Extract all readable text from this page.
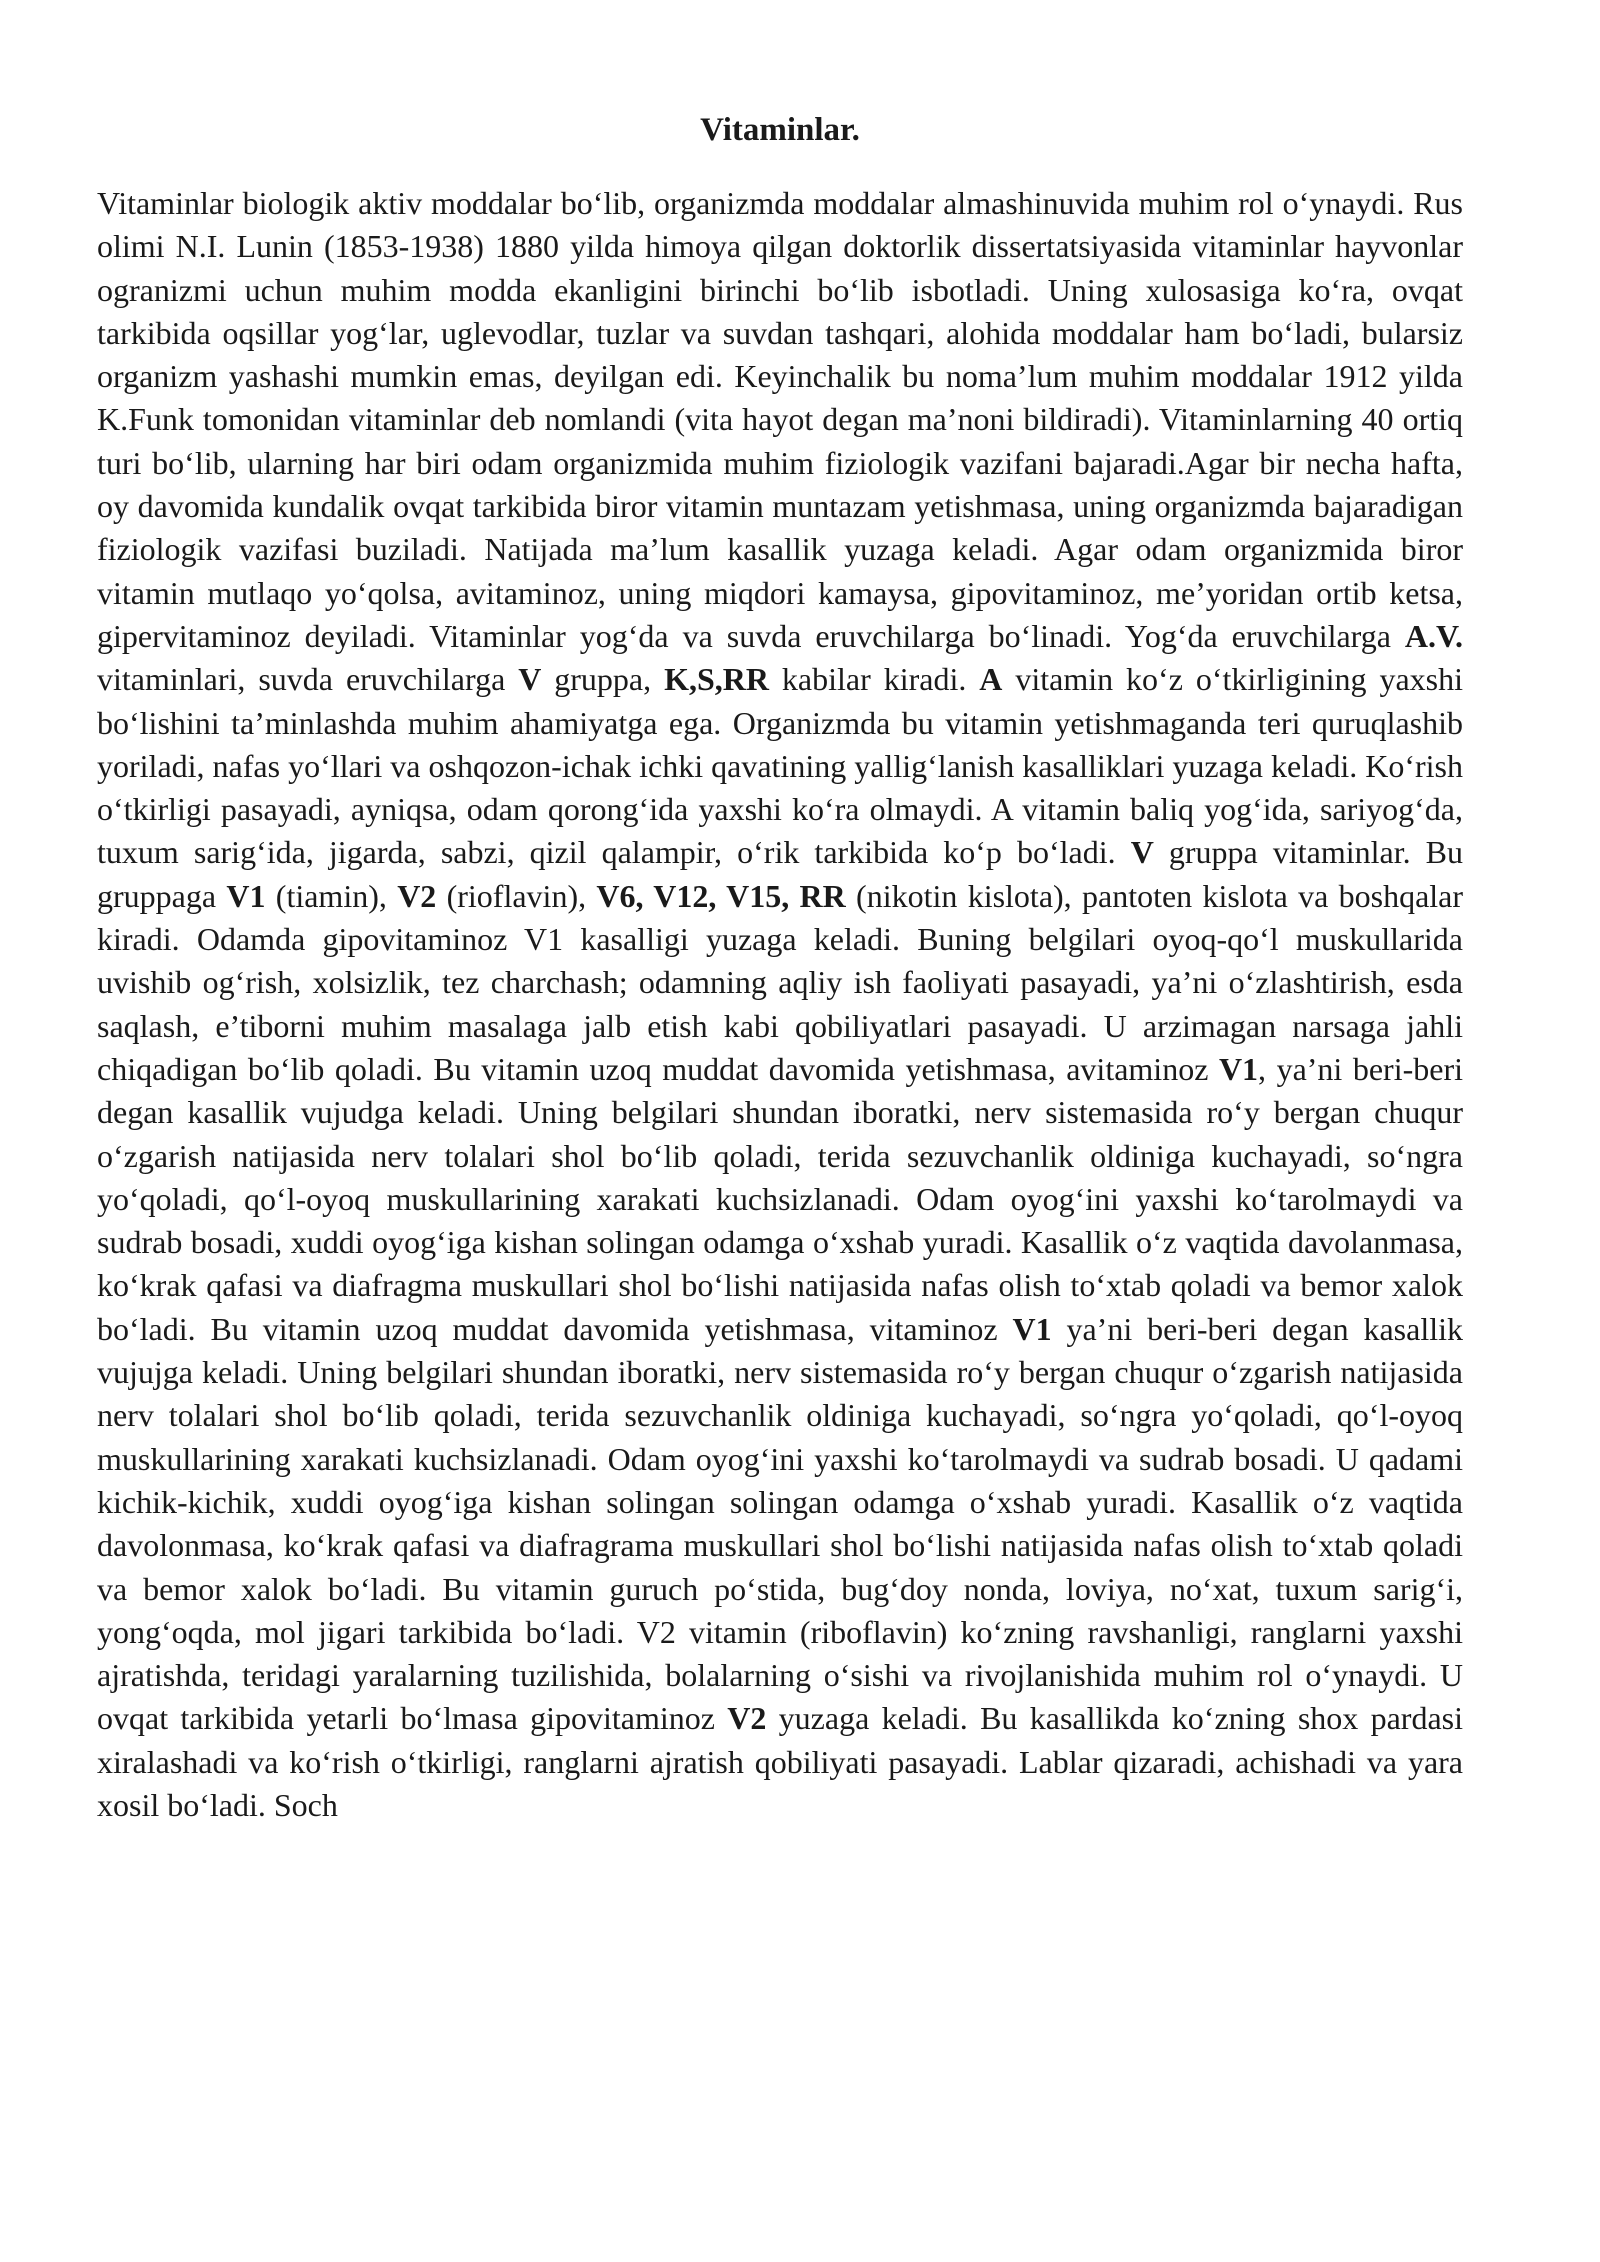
Vitaminlar.

Vitaminlar biologik aktiv moddalar bo‘lib, organizmda moddalar almashinuvida muhim rol o‘ynaydi. Rus olimi N.I. Lunin (1853-1938) 1880 yilda himoya qilgan doktorlik dissertatsiyasida vitaminlar hayvonlar ogranizmi uchun muhim modda ekanligini birinchi bo‘lib isbotladi. Uning xulosasiga ko‘ra, ovqat tarkibida oqsillar yog‘lar, uglevodlar, tuzlar va suvdan tashqari, alohida moddalar ham bo‘ladi, bularsiz organizm yashashi mumkin emas, deyilgan edi. Keyinchalik bu noma’lum muhim moddalar 1912 yilda K.Funk tomonidan vitaminlar deb nomlandi (vita hayot degan ma’noni bildiradi). Vitaminlarning 40 ortiq turi bo‘lib, ularning har biri odam organizmida muhim fiziologik vazifani bajaradi.Agar bir necha hafta, oy davomida kundalik ovqat tarkibida biror vitamin muntazam yetishmasa, uning organizmda bajaradigan fiziologik vazifasi buziladi. Natijada ma’lum kasallik yuzaga keladi. Agar odam organizmida biror vitamin mutlaqo yo‘qolsa, avitaminoz, uning miqdori kamaysa, gipovitaminoz, me’yoridan ortib ketsa, gipervitaminoz deyiladi. Vitaminlar yog‘da va suvda eruvchilarga bo‘linadi. Yog‘da eruvchilarga A.V. vitaminlari, suvda eruvchilarga V gruppa, K,S,RR kabilar kiradi. A vitamin ko‘z o‘tkirligining yaxshi bo‘lishini ta’minlashda muhim ahamiyatga ega. Organizmda bu vitamin yetishmaganda teri quruqlashib yoriladi, nafas yo‘llari va oshqozon-ichak ichki qavatining yallig‘lanish kasalliklari yuzaga keladi. Ko‘rish o‘tkirligi pasayadi, ayniqsa, odam qorong‘ida yaxshi ko‘ra olmaydi. A vitamin baliq yog‘ida, sariyog‘da, tuxum sarig‘ida, jigarda, sabzi, qizil qalampir, o‘rik tarkibida ko‘p bo‘ladi. V gruppa vitaminlar. Bu gruppaga V1 (tiamin), V2 (rioflavin), V6, V12, V15, RR (nikotin kislota), pantoten kislota va boshqalar kiradi. Odamda gipovitaminoz V1 kasalligi yuzaga keladi. Buning belgilari oyoq-qo‘l muskullarida uvishib og‘rish, xolsizlik, tez charchash; odamning aqliy ish faoliyati pasayadi, ya’ni o‘zlashtirish, esda saqlash, e’tiborni muhim masalaga jalb etish kabi qobiliyatlari pasayadi. U arzimagan narsaga jahli chiqadigan bo‘lib qoladi. Bu vitamin uzoq muddat davomida yetishmasa, avitaminoz V1, ya’ni beri-beri degan kasallik vujudga keladi. Uning belgilari shundan iboratki, nerv sistemasida ro‘y bergan chuqur o‘zgarish natijasida nerv tolalari shol bo‘lib qoladi, terida sezuvchanlik oldiniga kuchayadi, so‘ngra yo‘qoladi, qo‘l-oyoq muskullarining xarakati kuchsizlanadi. Odam oyog‘ini yaxshi ko‘tarolmaydi va sudrab bosadi, xuddi oyog‘iga kishan solingan odamga o‘xshab yuradi. Kasallik o‘z vaqtida davolanmasa, ko‘krak qafasi va diafragma muskullari shol bo‘lishi natijasida nafas olish to‘xtab qoladi va bemor xalok bo‘ladi. Bu vitamin uzoq muddat davomida yetishmasa, vitaminoz V1 ya’ni beri-beri degan kasallik vujujga keladi. Uning belgilari shundan iboratki, nerv sistemasida ro‘y bergan chuqur o‘zgarish natijasida nerv tolalari shol bo‘lib qoladi, terida sezuvchanlik oldiniga kuchayadi, so‘ngra yo‘qoladi, qo‘l-oyoq muskullarining xarakati kuchsizlanadi. Odam oyog‘ini yaxshi ko‘tarolmaydi va sudrab bosadi. U qadami kichik-kichik, xuddi oyog‘iga kishan solingan solingan odamga o‘xshab yuradi. Kasallik o‘z vaqtida davolonmasa, ko‘krak qafasi va diafragrama muskullari shol bo‘lishi natijasida nafas olish to‘xtab qoladi va bemor xalok bo‘ladi. Bu vitamin guruch po‘stida, bug‘doy nonda, loviya, no‘xat, tuxum sarig‘i, yong‘oqda, mol jigari tarkibida bo‘ladi. V2 vitamin (riboflavin) ko‘zning ravshanligi, ranglarni yaxshi ajratishda, teridagi yaralarning tuzilishida, bolalarning o‘sishi va rivojlanishida muhim rol o‘ynaydi. U ovqat tarkibida yetarli bo‘lmasa gipovitaminoz V2 yuzaga keladi. Bu kasallikda ko‘zning shox pardasi xiralashadi va ko‘rish o‘tkirligi, ranglarni ajratish qobiliyati pasayadi. Lablar qizaradi, achishadi va yara xosil bo‘ladi. Soch
